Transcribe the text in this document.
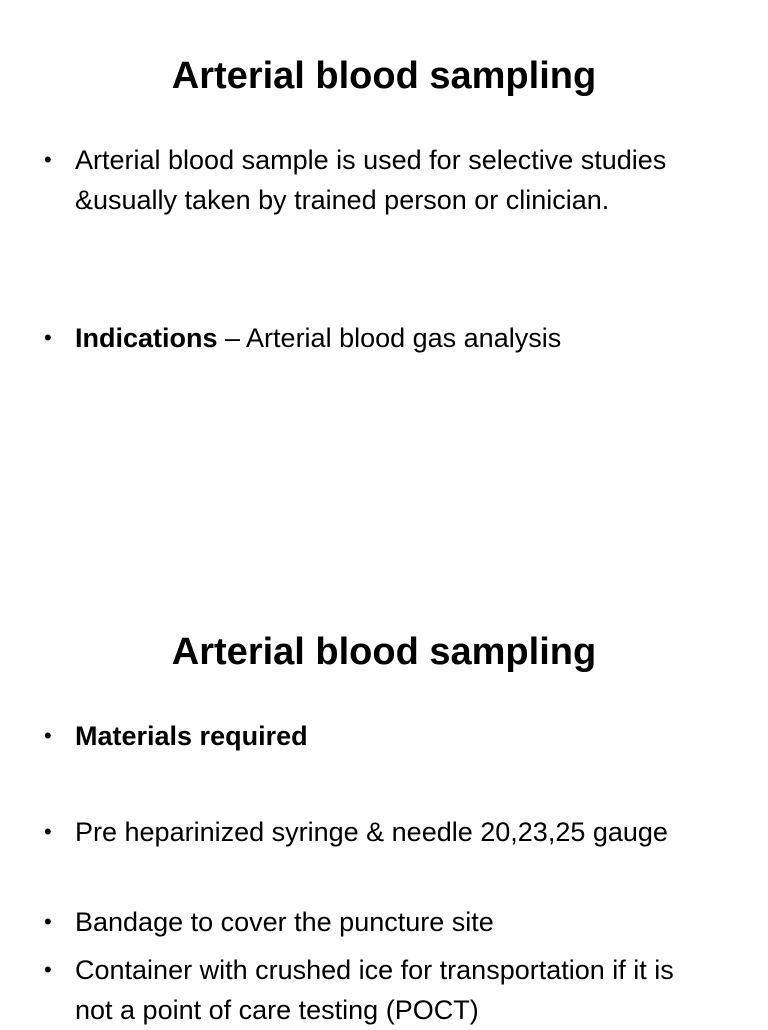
Arterial blood sampling
• Arterial blood sample is used for selective studies &usually taken by trained person or clinician.
• Indications – Arterial blood gas analysis
Arterial blood sampling
• Materials required
• Pre heparinized syringe & needle 20,23,25 gauge
• Bandage to cover the puncture site
• Container with crushed ice for transportation if it is not a point of care testing (POCT)
